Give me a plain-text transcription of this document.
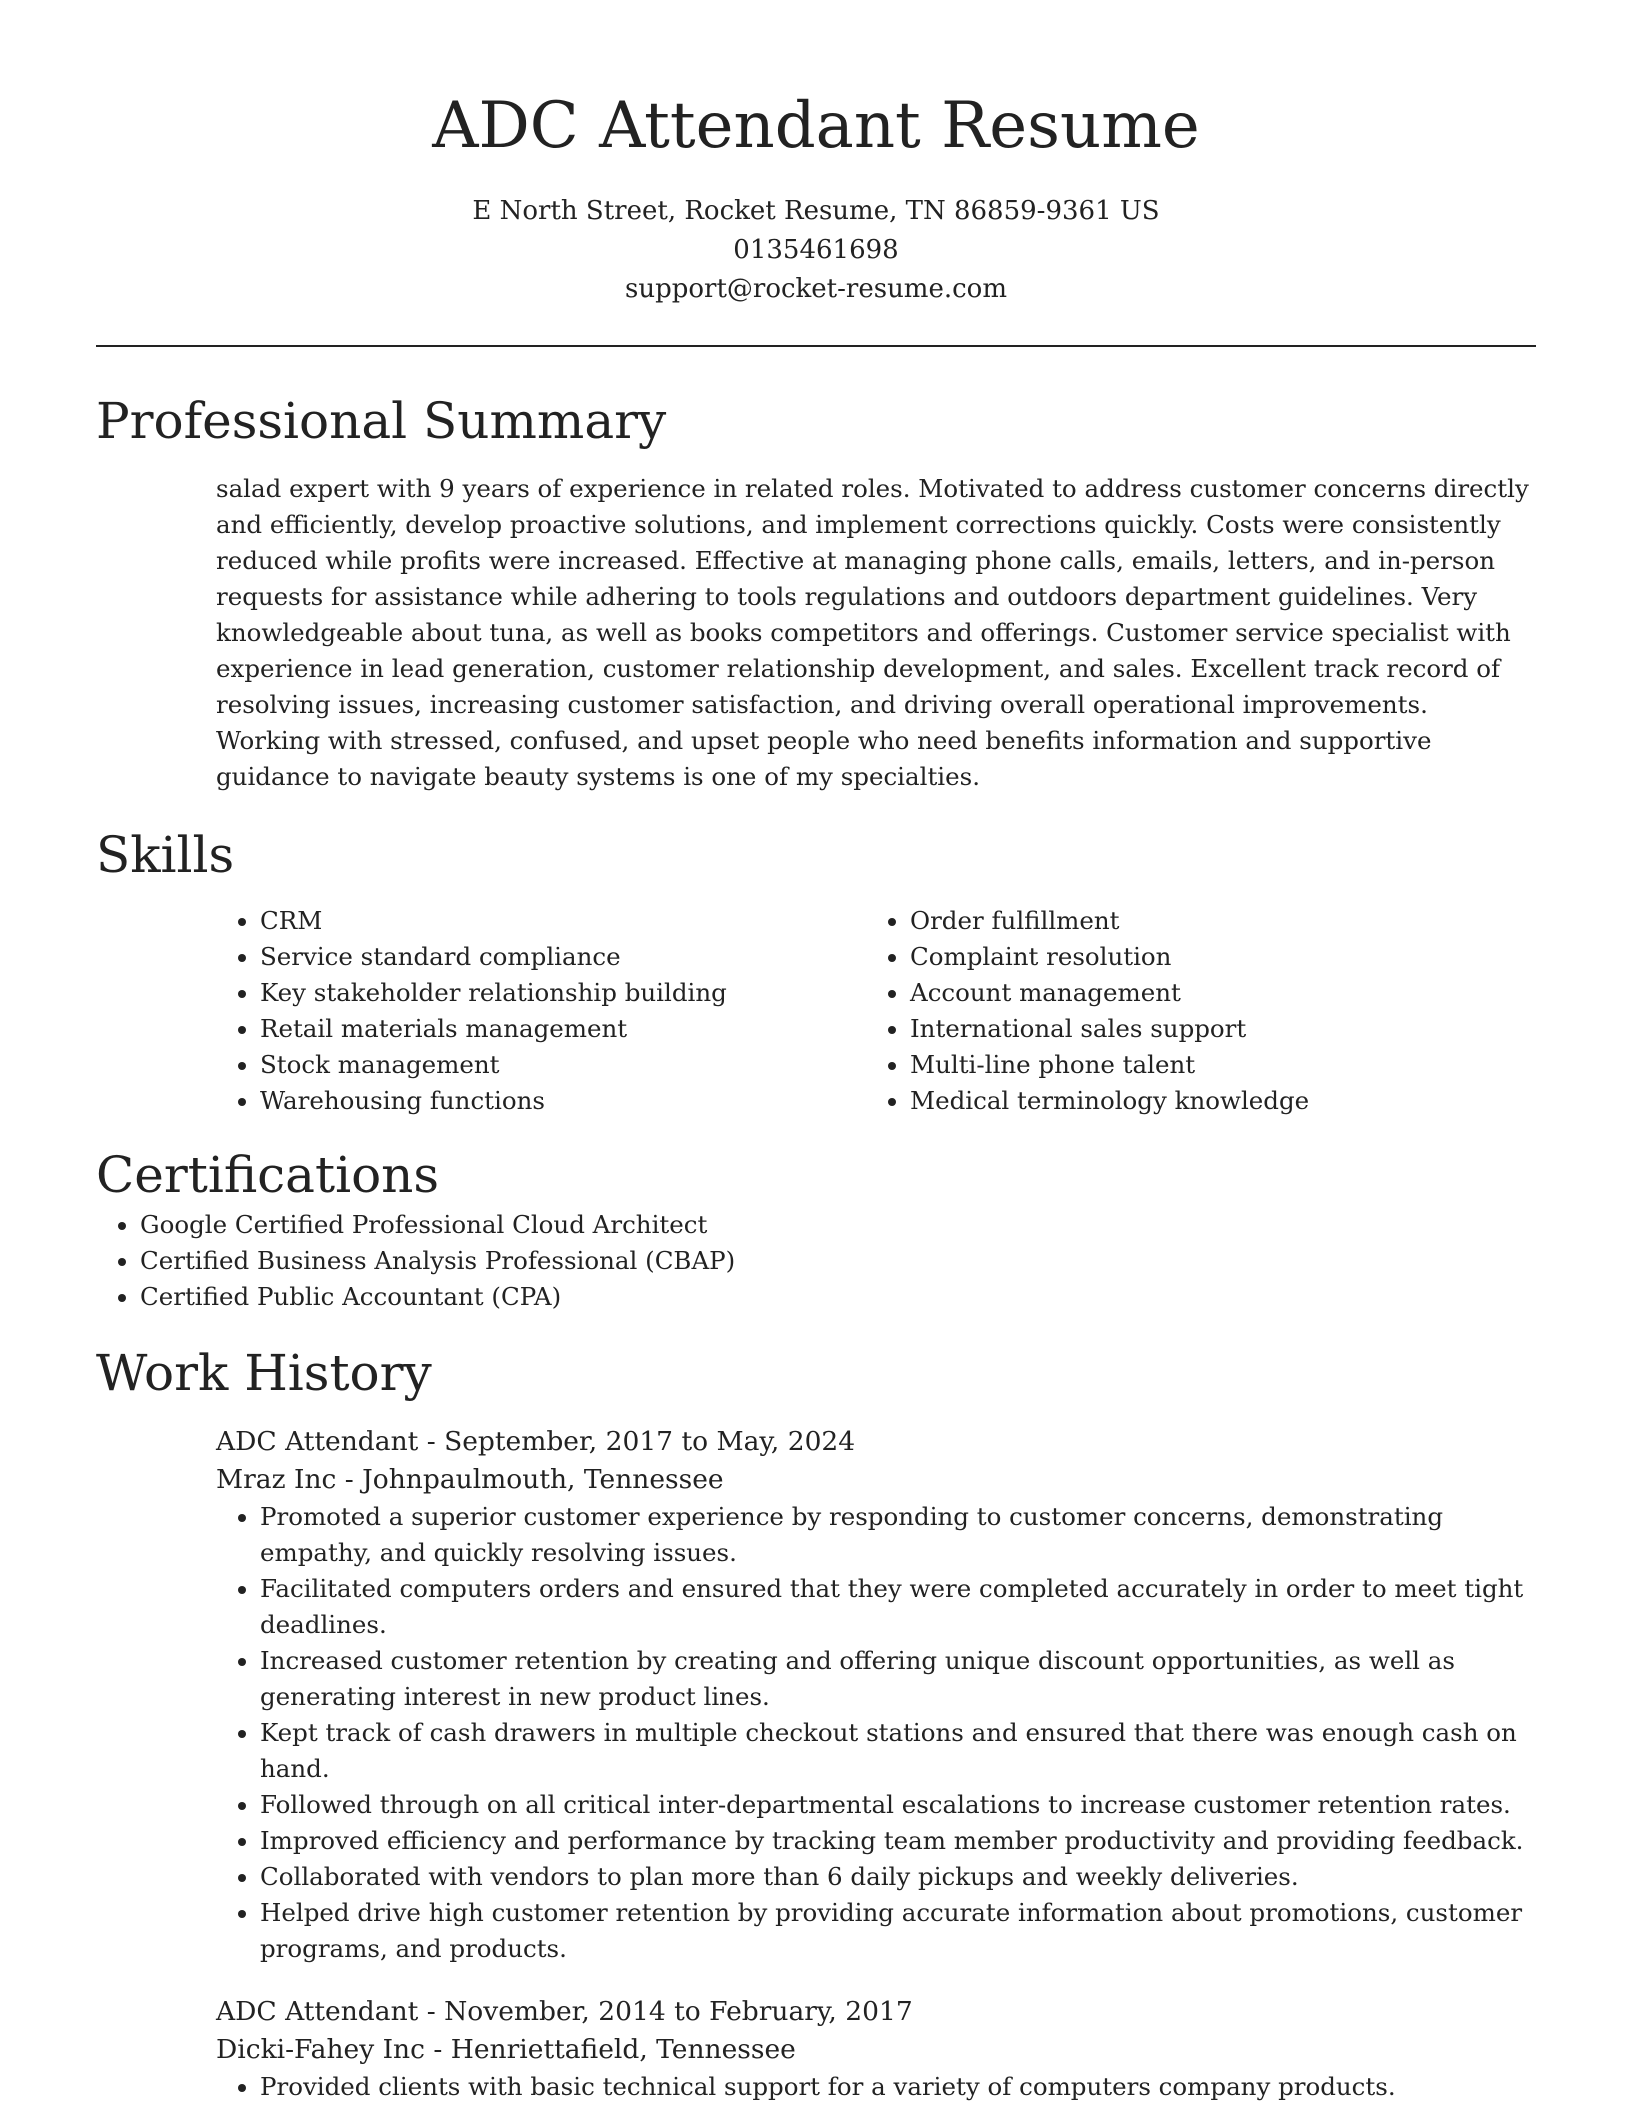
ADC Attendant Resume
E North Street, Rocket Resume, TN 86859-9361 US
0135461698
support@rocket-resume.com
Professional Summary

salad expert with 9 years of experience in related roles. Motivated to address customer concerns directly and efficiently, develop proactive solutions, and implement corrections quickly. Costs were consistently reduced while profits were increased. Effective at managing phone calls, emails, letters, and in-person requests for assistance while adhering to tools regulations and outdoors department guidelines. Very knowledgeable about tuna, as well as books competitors and offerings. Customer service specialist with experience in lead generation, customer relationship development, and sales. Excellent track record of resolving issues, increasing customer satisfaction, and driving overall operational improvements. Working with stressed, confused, and upset people who need benefits information and supportive guidance to navigate beauty systems is one of my specialties.

Skills
• CRM
• Service standard compliance
• Key stakeholder relationship building
• Retail materials management
• Stock management
• Warehousing functions
• Order fulfillment
• Complaint resolution
• Account management
• International sales support
• Multi-line phone talent
• Medical terminology knowledge
Certifications
• Google Certified Professional Cloud Architect
• Certified Business Analysis Professional (CBAP)
• Certified Public Accountant (CPA)
Work History
ADC Attendant - September, 2017 to May, 2024
Mraz Inc - Johnpaulmouth, Tennessee
• Promoted a superior customer experience by responding to customer concerns, demonstrating empathy, and quickly resolving issues.
• Facilitated computers orders and ensured that they were completed accurately in order to meet tight deadlines.
• Increased customer retention by creating and offering unique discount opportunities, as well as generating interest in new product lines.
• Kept track of cash drawers in multiple checkout stations and ensured that there was enough cash on hand.
• Followed through on all critical inter-departmental escalations to increase customer retention rates.
• Improved efficiency and performance by tracking team member productivity and providing feedback.
• Collaborated with vendors to plan more than 6 daily pickups and weekly deliveries.
• Helped drive high customer retention by providing accurate information about promotions, customer programs, and products.
ADC Attendant - November, 2014 to February, 2017
Dicki-Fahey Inc - Henriettafield, Tennessee
• Provided clients with basic technical support for a variety of computers company products.
